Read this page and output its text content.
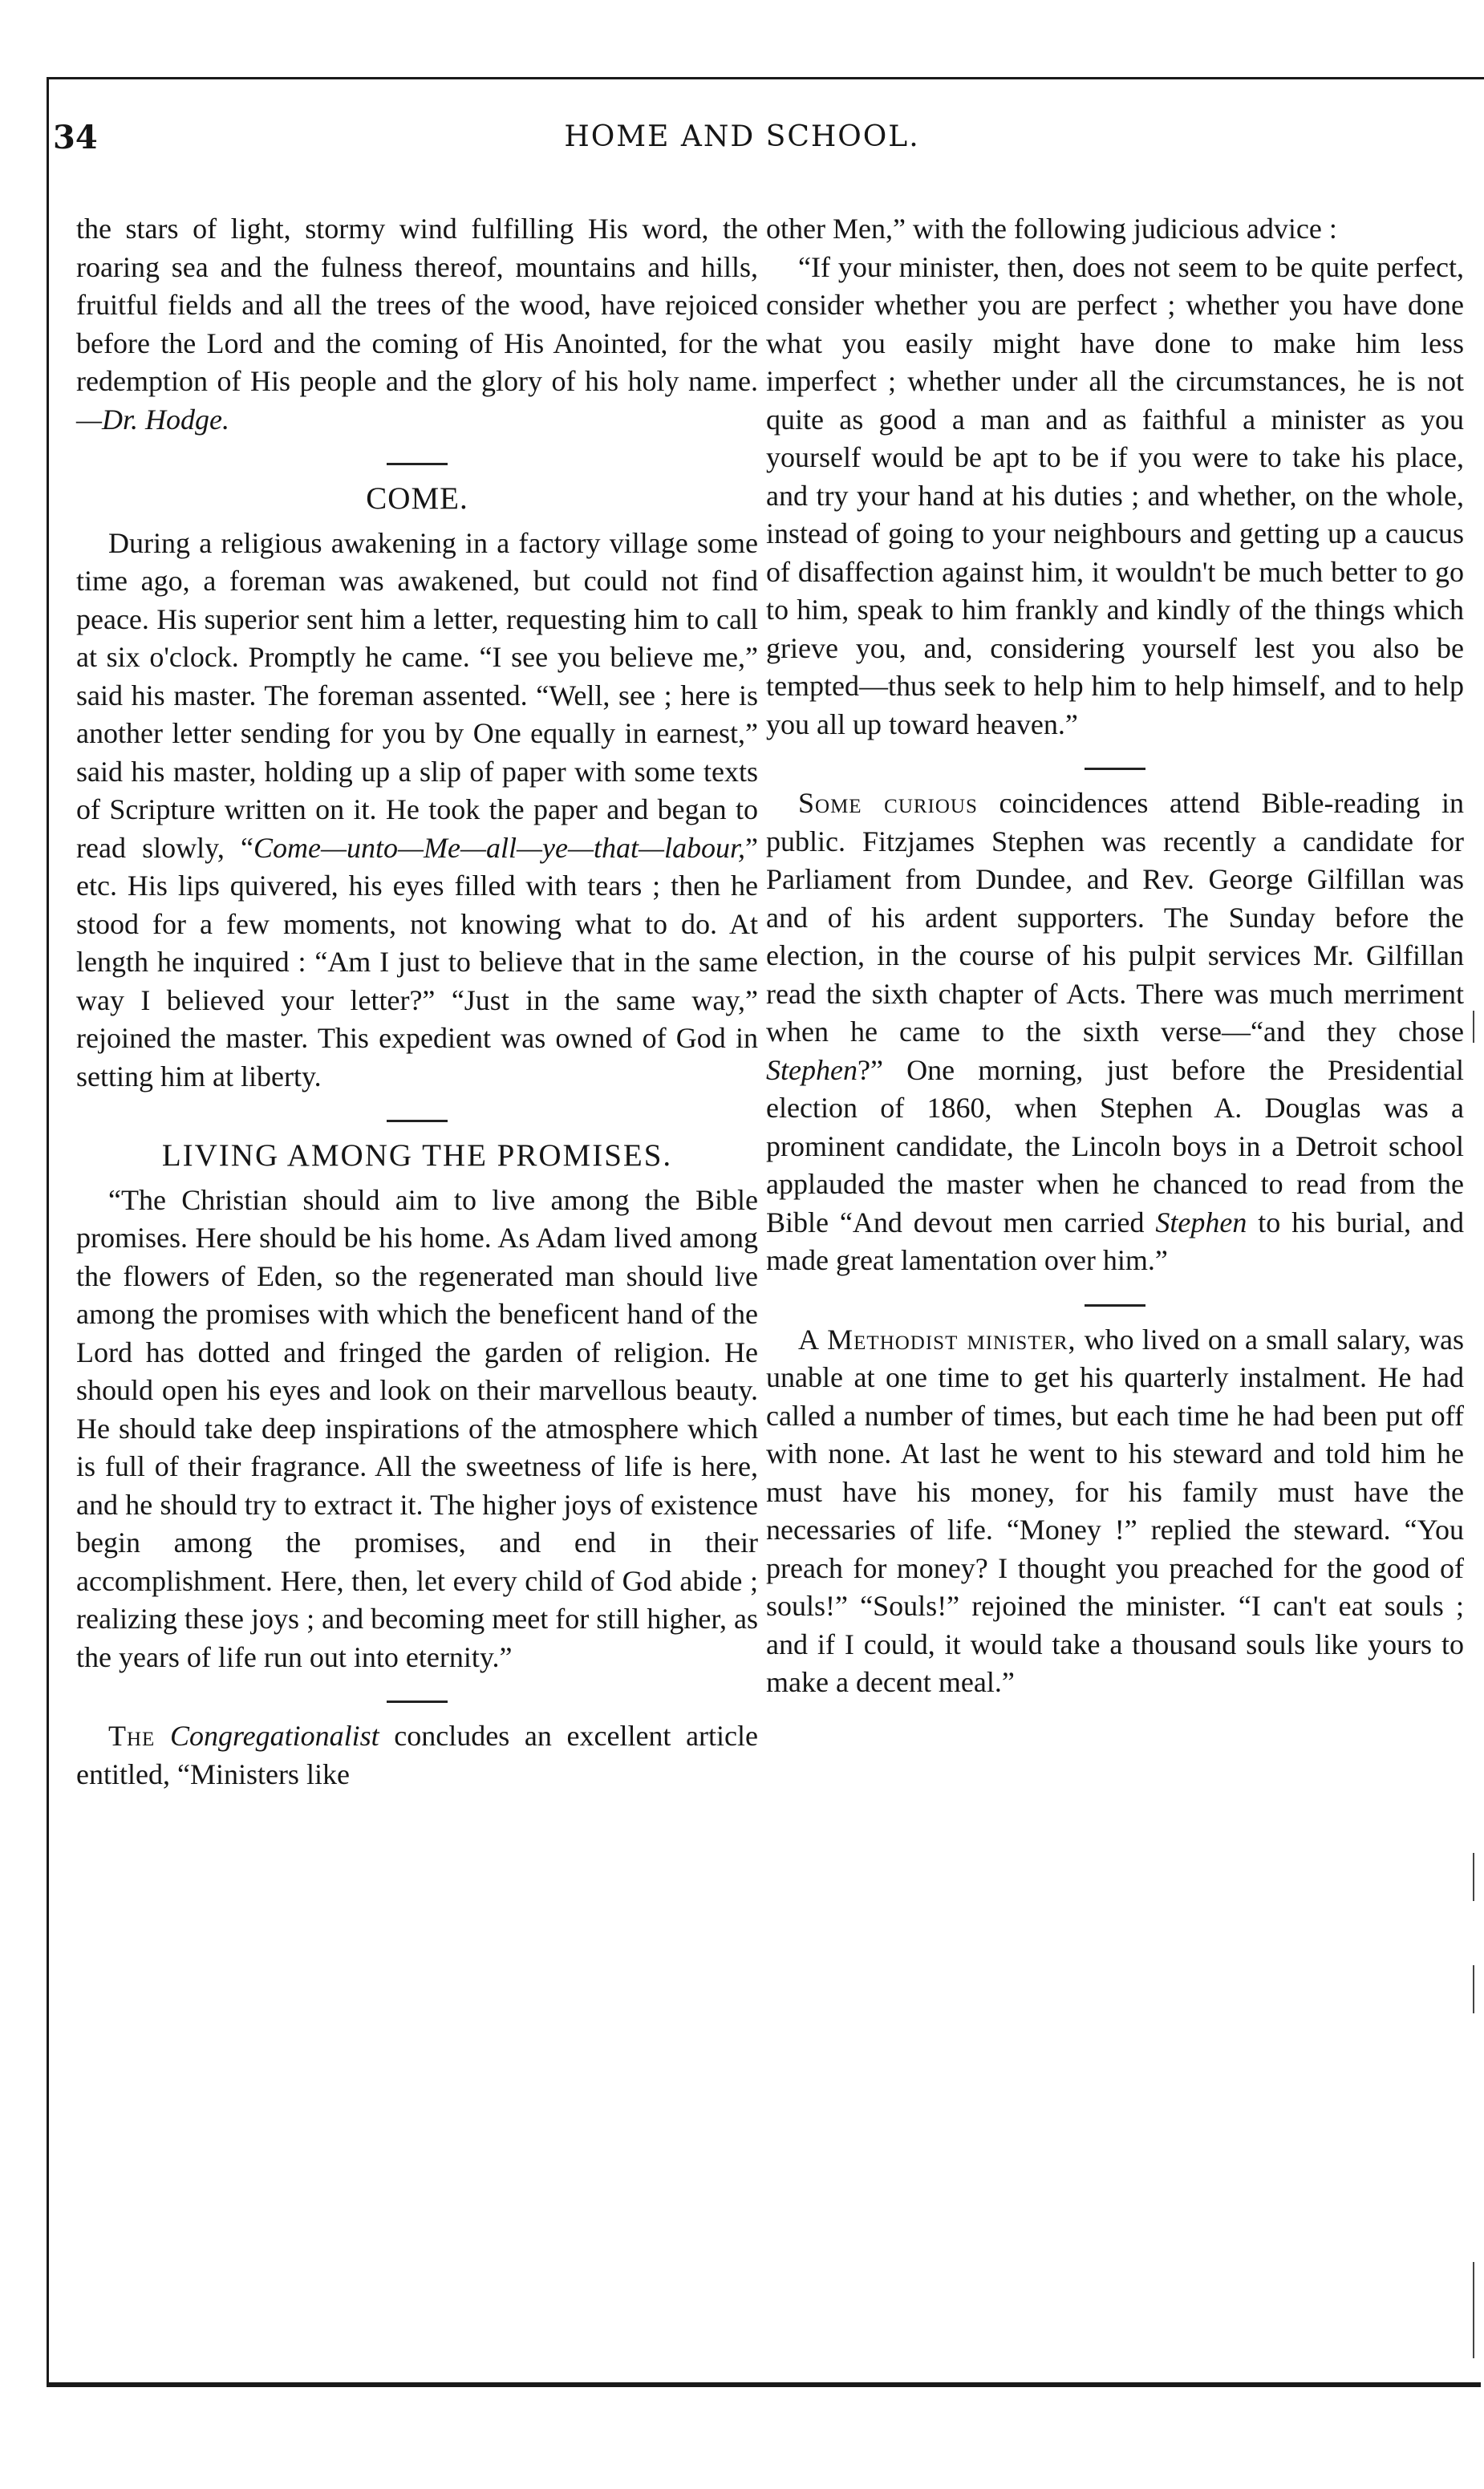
34	HOME AND SCHOOL.

the stars of light, stormy wind fulfilling His word, the roaring sea and the fulness thereof, mountains and hills, fruitful fields and all the trees of the wood, have rejoiced before the Lord and the coming of His Anointed, for the redemption of His people and the glory of his holy name.—Dr. Hodge.

COME.

During a religious awakening in a factory village some time ago, a foreman was awakened, but could not find peace. His superior sent him a letter, requesting him to call at six o'clock. Promptly he came. “I see you believe me,” said his master. The foreman assented. “Well, see ; here is another letter sending for you by One equally in earnest,” said his master, holding up a slip of paper with some texts of Scripture written on it. He took the paper and began to read slowly, “Come—unto—Me—all—ye—that—labour,” etc. His lips quivered, his eyes filled with tears ; then he stood for a few moments, not knowing what to do. At length he inquired : “Am I just to believe that in the same way I believed your letter?” “Just in the same way,” rejoined the master. This expedient was owned of God in setting him at liberty.

LIVING AMONG THE PROMISES.

“The Christian should aim to live among the Bible promises. Here should be his home. As Adam lived among the flowers of Eden, so the regenerated man should live among the promises with which the beneficent hand of the Lord has dotted and fringed the garden of religion. He should open his eyes and look on their marvellous beauty. He should take deep inspirations of the atmosphere which is full of their fragrance. All the sweetness of life is here, and he should try to extract it. The higher joys of existence begin among the promises, and end in their accomplishment. Here, then, let every child of God abide ; realizing these joys ; and becoming meet for still higher, as the years of life run out into eternity.”

The Congregationalist concludes an excellent article entitled, “Ministers like

other Men,” with the following judicious advice :

“If your minister, then, does not seem to be quite perfect, consider whether you are perfect ; whether you have done what you easily might have done to make him less imperfect ; whether under all the circumstances, he is not quite as good a man and as faithful a minister as you yourself would be apt to be if you were to take his place, and try your hand at his duties ; and whether, on the whole, instead of going to your neighbours and getting up a caucus of disaffection against him, it wouldn't be much better to go to him, speak to him frankly and kindly of the things which grieve you, and, considering yourself lest you also be tempted—thus seek to help him to help himself, and to help you all up toward heaven.”

Some curious coincidences attend Bible-reading in public. Fitzjames Stephen was recently a candidate for Parliament from Dundee, and Rev. George Gilfillan was and of his ardent supporters. The Sunday before the election, in the course of his pulpit services Mr. Gilfillan read the sixth chapter of Acts. There was much merriment when he came to the sixth verse—“and they chose Stephen?” One morning, just before the Presidential election of 1860, when Stephen A. Douglas was a prominent candidate, the Lincoln boys in a Detroit school applauded the master when he chanced to read from the Bible “And devout men carried Stephen to his burial, and made great lamentation over him.”

A Methodist minister, who lived on a small salary, was unable at one time to get his quarterly instalment. He had called a number of times, but each time he had been put off with none. At last he went to his steward and told him he must have his money, for his family must have the necessaries of life. “Money !” replied the steward. “You preach for money? I thought you preached for the good of souls!” “Souls!” rejoined the minister. “I can't eat souls ; and if I could, it would take a thousand souls like yours to make a decent meal.”
